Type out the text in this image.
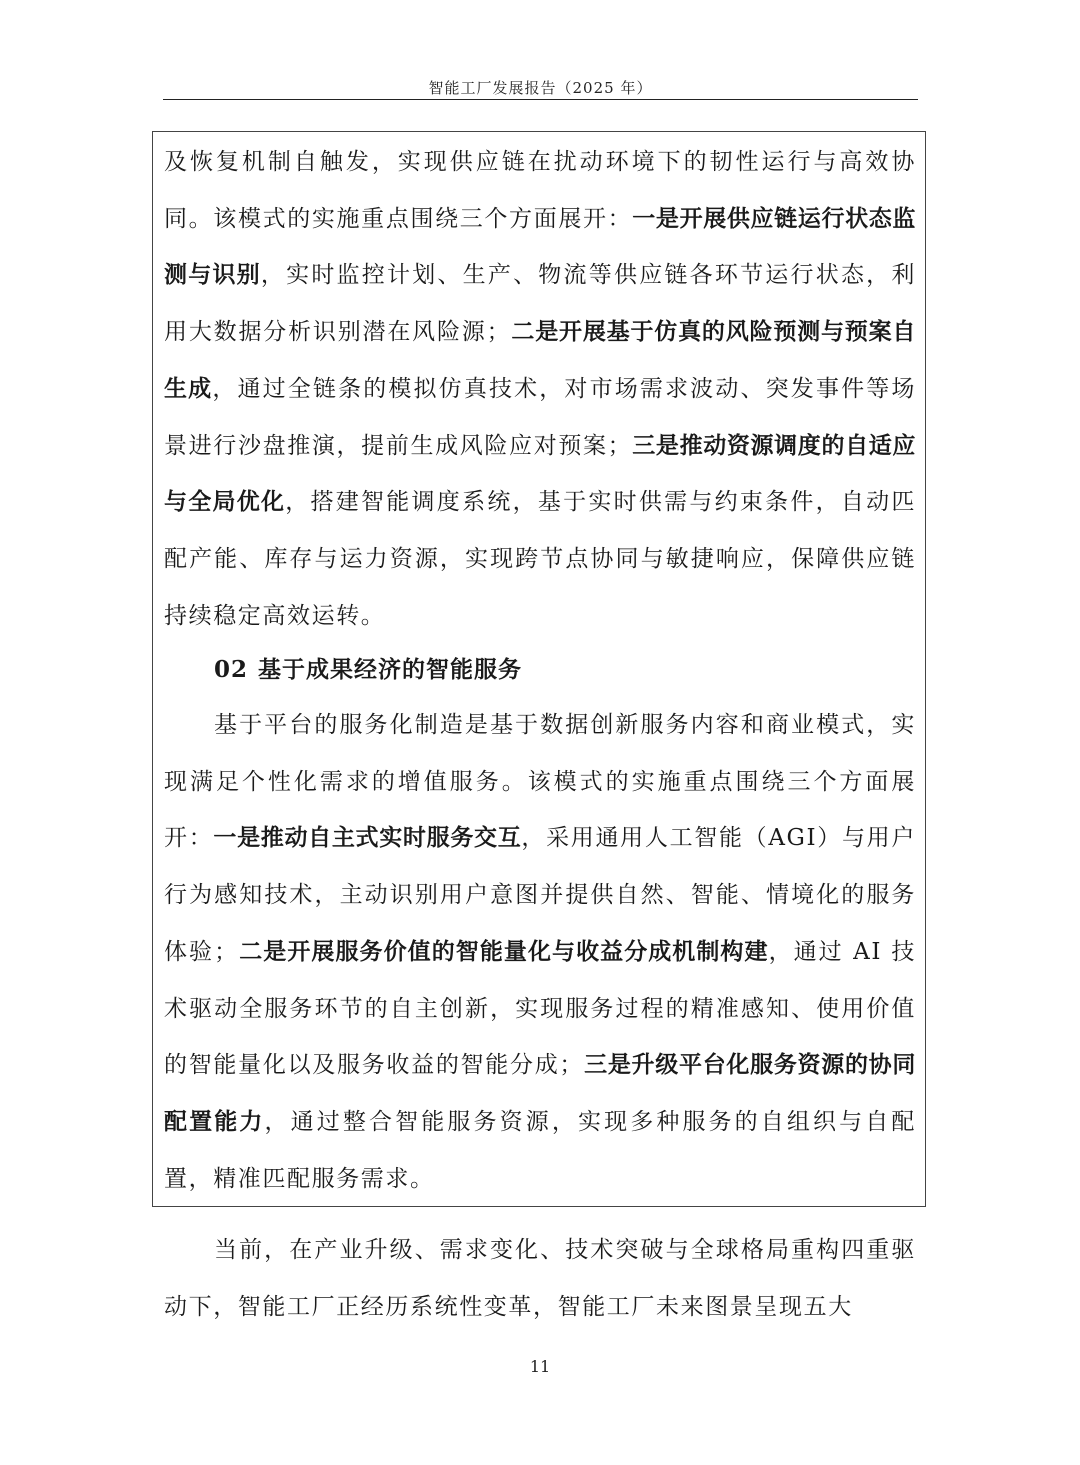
智能工厂发展报告（2025 年）

及恢复机制自触发，实现供应链在扰动环境下的韧性运行与高效协同。该模式的实施重点围绕三个方面展开：一是开展供应链运行状态监测与识别，实时监控计划、生产、物流等供应链各环节运行状态，利用大数据分析识别潜在风险源；二是开展基于仿真的风险预测与预案自生成，通过全链条的模拟仿真技术，对市场需求波动、突发事件等场景进行沙盘推演，提前生成风险应对预案；三是推动资源调度的自适应与全局优化，搭建智能调度系统，基于实时供需与约束条件，自动匹配产能、库存与运力资源，实现跨节点协同与敏捷响应，保障供应链持续稳定高效运转。

02 基于成果经济的智能服务

基于平台的服务化制造是基于数据创新服务内容和商业模式，实现满足个性化需求的增值服务。该模式的实施重点围绕三个方面展开：一是推动自主式实时服务交互，采用通用人工智能（AGI）与用户行为感知技术，主动识别用户意图并提供自然、智能、情境化的服务体验；二是开展服务价值的智能量化与收益分成机制构建，通过 AI 技术驱动全服务环节的自主创新，实现服务过程的精准感知、使用价值的智能量化以及服务收益的智能分成；三是升级平台化服务资源的协同配置能力，通过整合智能服务资源，实现多种服务的自组织与自配置，精准匹配服务需求。

当前，在产业升级、需求变化、技术突破与全球格局重构四重驱动下，智能工厂正经历系统性变革，智能工厂未来图景呈现五大

11
